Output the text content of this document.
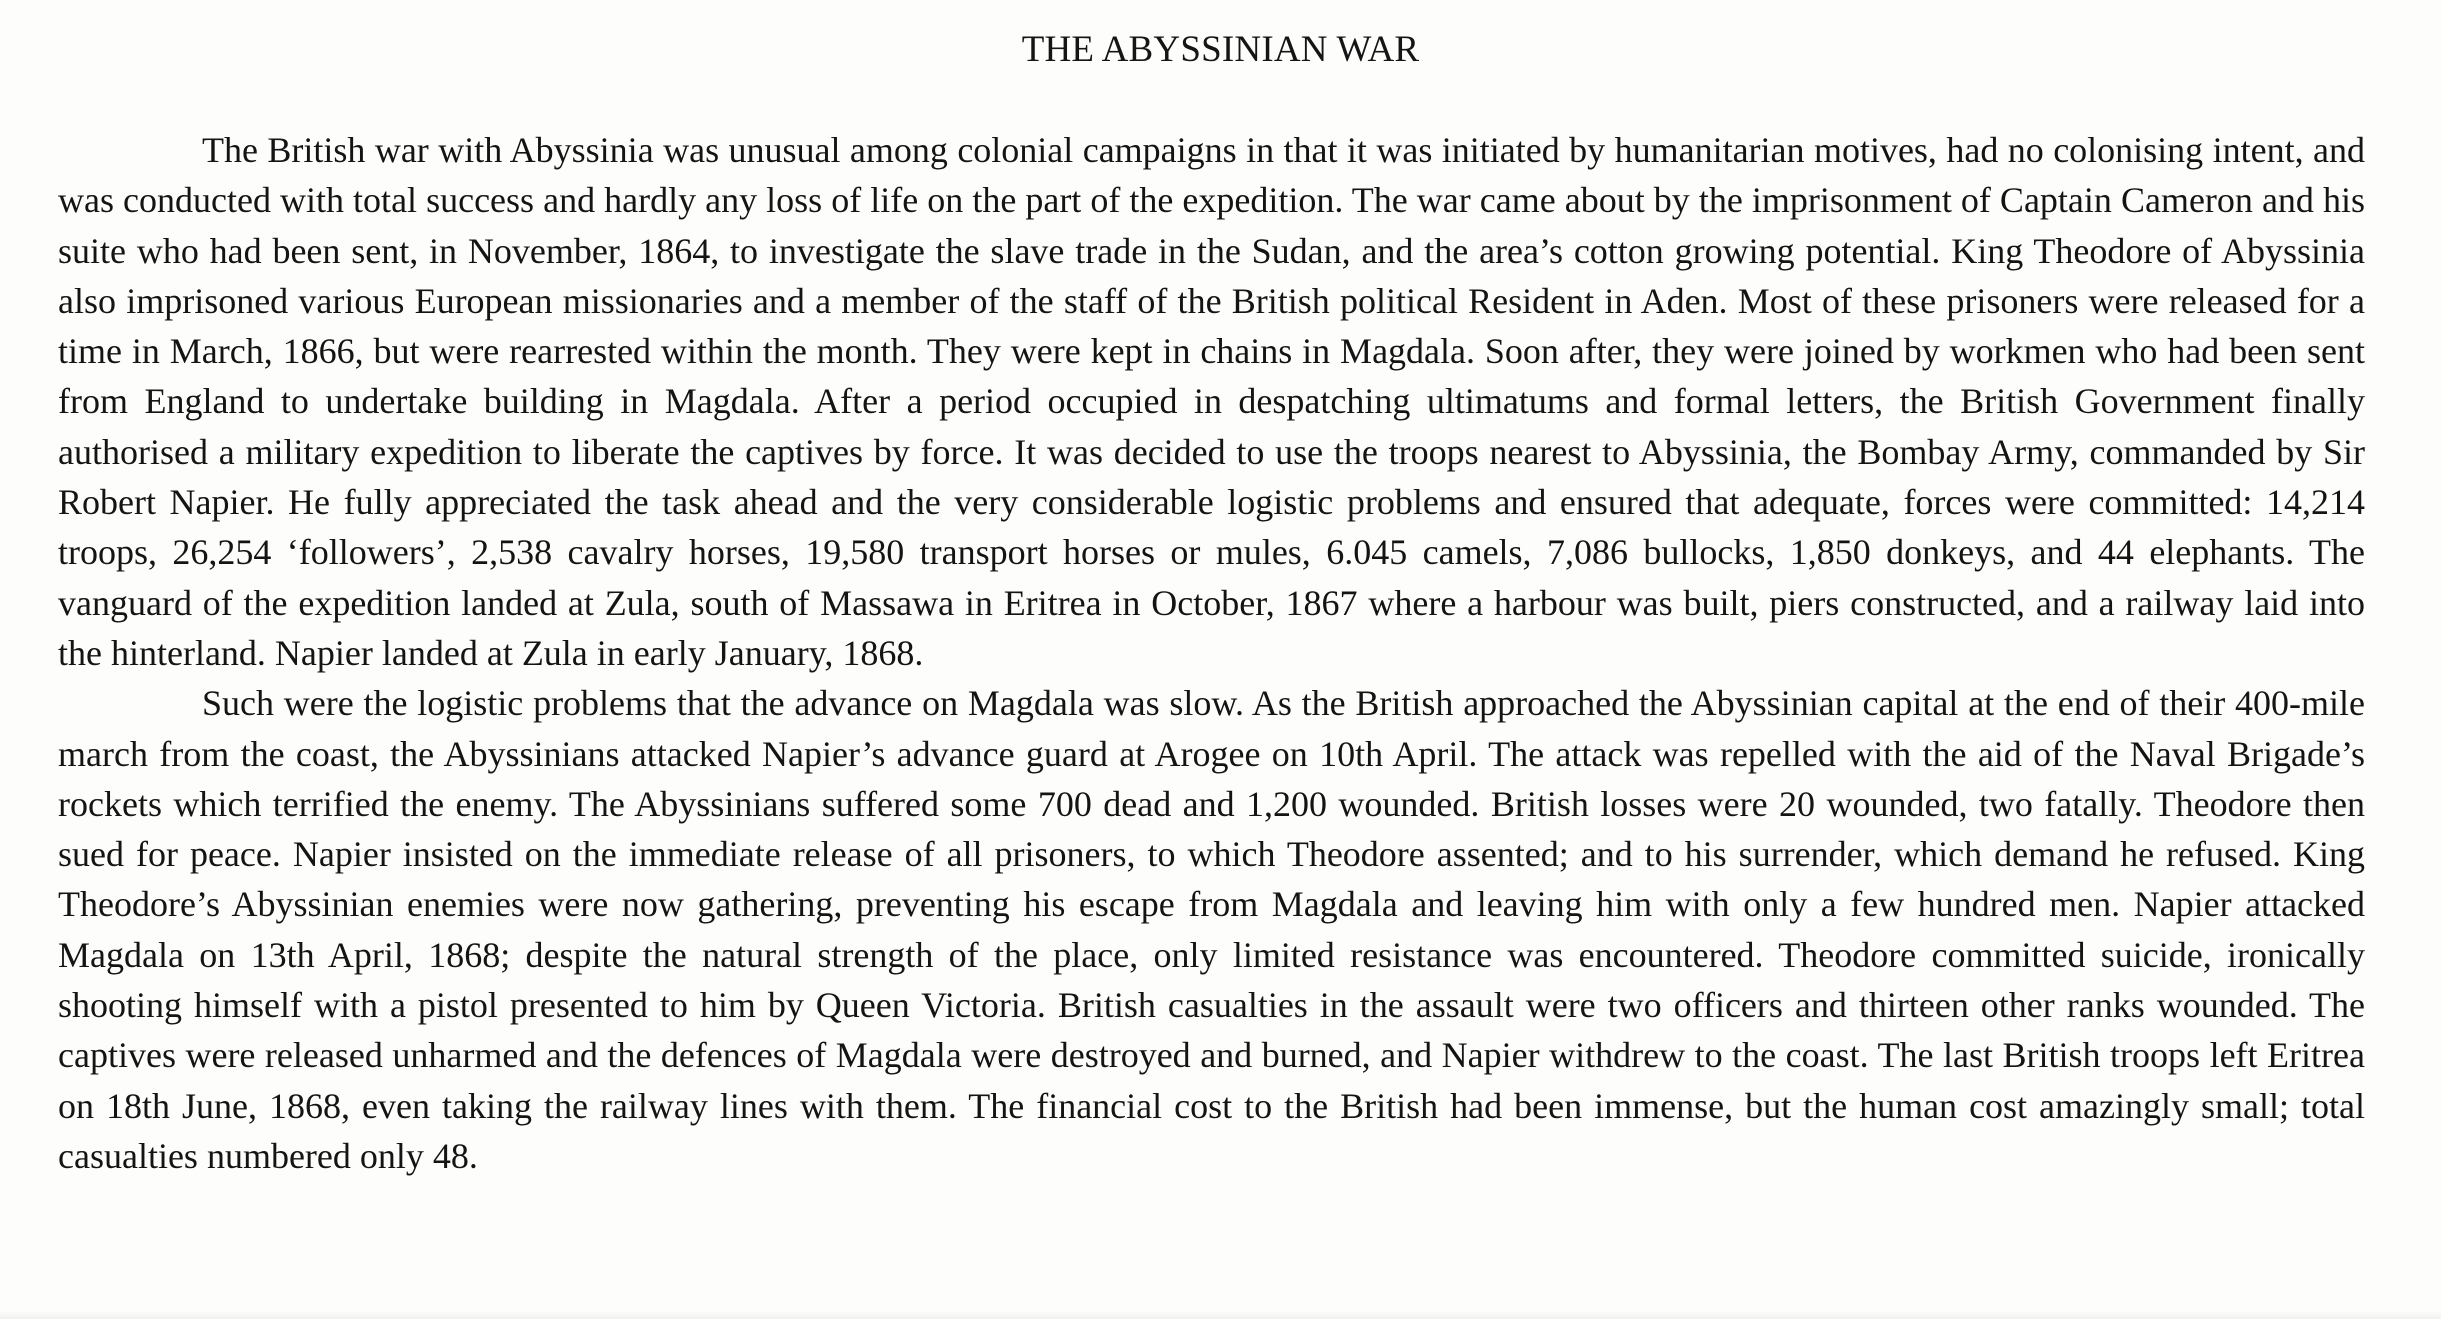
THE ABYSSINIAN WAR

The British war with Abyssinia was unusual among colonial campaigns in that it was initiated by humanitarian motives, had no colonising intent, and was conducted with total success and hardly any loss of life on the part of the expedition. The war came about by the imprisonment of Captain Cameron and his suite who had been sent, in November, 1864, to investigate the slave trade in the Sudan, and the area’s cotton growing potential. King Theodore of Abyssinia also imprisoned various European missionaries and a member of the staff of the British political Resident in Aden. Most of these prisoners were released for a time in March, 1866, but were rearrested within the month. They were kept in chains in Magdala. Soon after, they were joined by workmen who had been sent from England to undertake building in Magdala. After a period occupied in despatching ultimatums and formal letters, the British Government finally authorised a military expedition to liberate the captives by force. It was decided to use the troops nearest to Abyssinia, the Bombay Army, commanded by Sir Robert Napier. He fully appreciated the task ahead and the very considerable logistic problems and ensured that adequate, forces were committed: 14,214 troops, 26,254 ‘followers’, 2,538 cavalry horses, 19,580 transport horses or mules, 6.045 camels, 7,086 bullocks, 1,850 donkeys, and 44 elephants. The vanguard of the expedition landed at Zula, south of Massawa in Eritrea in October, 1867 where a harbour was built, piers constructed, and a railway laid into the hinterland. Napier landed at Zula in early January, 1868.

Such were the logistic problems that the advance on Magdala was slow. As the British approached the Abyssinian capital at the end of their 400-mile march from the coast, the Abyssinians attacked Napier’s advance guard at Arogee on 10th April. The attack was repelled with the aid of the Naval Brigade’s rockets which terrified the enemy. The Abyssinians suffered some 700 dead and 1,200 wounded. British losses were 20 wounded, two fatally. Theodore then sued for peace. Napier insisted on the immediate release of all prisoners, to which Theodore assented; and to his surrender, which demand he refused. King Theodore’s Abyssinian enemies were now gathering, preventing his escape from Magdala and leaving him with only a few hundred men. Napier attacked Magdala on 13th April, 1868; despite the natural strength of the place, only limited resistance was encountered. Theodore committed suicide, ironically shooting himself with a pistol presented to him by Queen Victoria. British casualties in the assault were two officers and thirteen other ranks wounded. The captives were released unharmed and the defences of Magdala were destroyed and burned, and Napier withdrew to the coast. The last British troops left Eritrea on 18th June, 1868, even taking the railway lines with them. The financial cost to the British had been immense, but the human cost amazingly small; total casualties numbered only 48.
